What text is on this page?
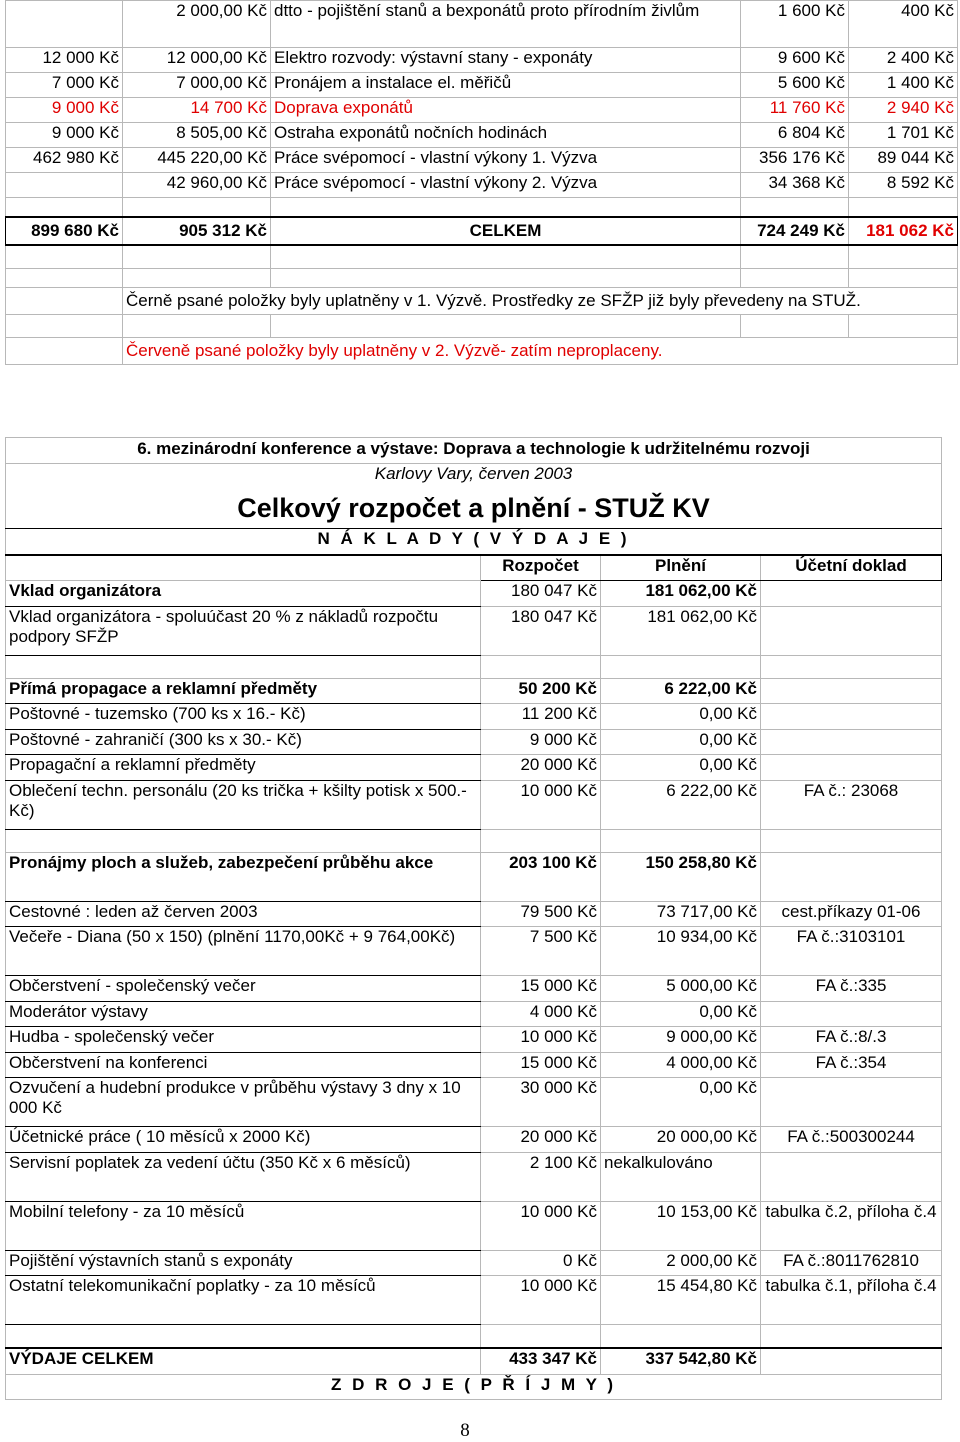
	2 000,00 Kč	dtto - pojištění stanů a bexponátů proto přírodním živlům	1 600 Kč	400 Kč
12 000 Kč	12 000,00 Kč	Elektro rozvody: výstavní stany - exponáty	9 600 Kč	2 400 Kč
7 000 Kč	7 000,00 Kč	Pronájem a instalace el. měřičů	5 600 Kč	1 400 Kč
9 000 Kč	14 700 Kč	Doprava exponátů	11 760 Kč	2 940 Kč
9 000 Kč	8 505,00 Kč	Ostraha exponátů nočních hodinách	6 804 Kč	1 701 Kč
462 980 Kč	445 220,00 Kč	Práce svépomocí - vlastní výkony 1. Výzva	356 176 Kč	89 044 Kč
	42 960,00 Kč	Práce svépomocí - vlastní výkony 2. Výzva	34 368 Kč	8 592 Kč

899 680 Kč	905 312 Kč	CELKEM	724 249 Kč	181 062 Kč

	Černě psané položky byly uplatněny v 1. Výzvě. Prostředky ze SFŽP již byly převedeny na STUŽ.			

	Červeně psané položky byly uplatněny v 2. Výzvě- zatím neproplaceny.			
6. mezinárodní konference a výstave: Doprava a technologie k udržitelnému rozvoji			
Karlovy Vary, červen 2003			
Celkový rozpočet a plnění - STUŽ KV			
N Á K L A D Y ( V Ý D A J E )			
	Rozpočet	Plnění	Účetní doklad
Vklad organizátora	180 047 Kč	181 062,00 Kč	
Vklad organizátora - spoluúčast 20 % z nákladů rozpočtu podpory SFŽP	180 047 Kč	181 062,00 Kč	

Přímá propagace a reklamní předměty	50 200 Kč	6 222,00 Kč	
Poštovné - tuzemsko (700 ks x 16.- Kč)	11 200 Kč	0,00 Kč	
Poštovné - zahraničí (300 ks x 30.- Kč)	9 000 Kč	0,00 Kč	
Propagační a reklamní předměty	20 000 Kč	0,00 Kč	
Oblečení techn. personálu (20 ks trička + kšilty potisk x 500.- Kč)	10 000 Kč	6 222,00 Kč	FA č.: 23068

Pronájmy ploch a služeb, zabezpečení průběhu akce	203 100 Kč	150 258,80 Kč	
Cestovné : leden až červen 2003	79 500 Kč	73 717,00 Kč	cest.příkazy 01-06
Večeře - Diana (50 x 150) (plnění 1170,00Kč + 9 764,00Kč)	7 500 Kč	10 934,00 Kč	FA č.:3103101
Občerstvení - společenský večer	15 000 Kč	5 000,00 Kč	FA č.:335
Moderátor výstavy	4 000 Kč	0,00 Kč	
Hudba - společenský večer	10 000 Kč	9 000,00 Kč	FA č.:8/.3
Občerstvení na konferenci	15 000 Kč	4 000,00 Kč	FA č.:354
Ozvučení a hudební produkce v průběhu výstavy 3 dny x 10 000 Kč	30 000 Kč	0,00 Kč	
Účetnické práce ( 10 měsíců x 2000 Kč)	20 000 Kč	20 000,00 Kč	FA č.:500300244
Servisní poplatek za vedení účtu (350 Kč x 6 měsíců)	2 100 Kč	nekalkulováno	
Mobilní telefony - za 10 měsíců	10 000 Kč	10 153,00 Kč	tabulka č.2, příloha č.4
Pojištění výstavních stanů s exponáty	0 Kč	2 000,00 Kč	FA č.:8011762810
Ostatní telekomunikační poplatky - za 10 měsíců	10 000 Kč	15 454,80 Kč	tabulka č.1, příloha č.4

VÝDAJE CELKEM	433 347 Kč	337 542,80 Kč	
Z D R O J E ( P Ř Í J M Y )			
8
